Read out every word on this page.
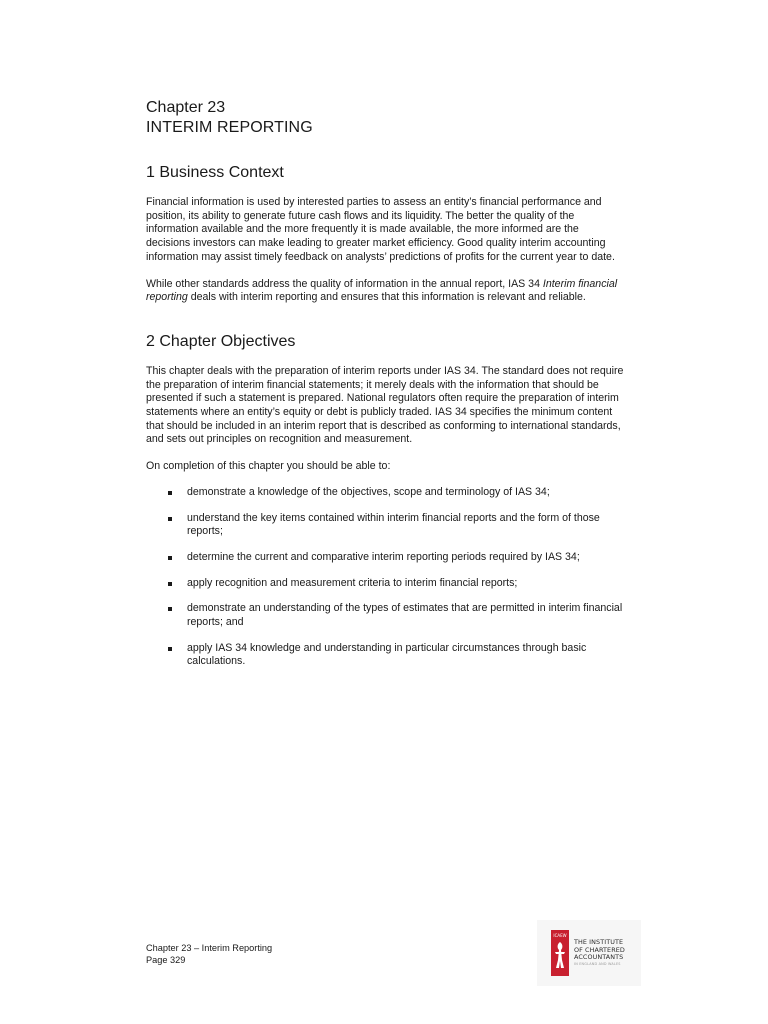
Chapter 23
INTERIM REPORTING
1 Business Context

Financial information is used by interested parties to assess an entity’s financial performance and position, its ability to generate future cash flows and its liquidity. The better the quality of the information available and the more frequently it is made available, the more informed are the decisions investors can make leading to greater market efficiency. Good quality interim accounting information may assist timely feedback on analysts’ predictions of profits for the current year to date.

While other standards address the quality of information in the annual report, IAS 34 Interim financial reporting deals with interim reporting and ensures that this information is relevant and reliable.

2 Chapter Objectives

This chapter deals with the preparation of interim reports under IAS 34. The standard does not require the preparation of interim financial statements; it merely deals with the information that should be presented if such a statement is prepared. National regulators often require the preparation of interim statements where an entity’s equity or debt is publicly traded. IAS 34 specifies the minimum content that should be included in an interim report that is described as conforming to international standards, and sets out principles on recognition and measurement.

On completion of this chapter you should be able to:

demonstrate a knowledge of the objectives, scope and terminology of IAS 34;
understand the key items contained within interim financial reports and the form of those reports;
determine the current and comparative interim reporting periods required by IAS 34;
apply recognition and measurement criteria to interim financial reports;
demonstrate an understanding of the types of estimates that are permitted in interim financial reports; and
apply IAS 34 knowledge and understanding in particular circumstances through basic calculations.
Chapter 23 – Interim Reporting
Page 329
ICAEW
THE INSTITUTE
OF CHARTERED
ACCOUNTANTS
IN ENGLAND AND WALES
